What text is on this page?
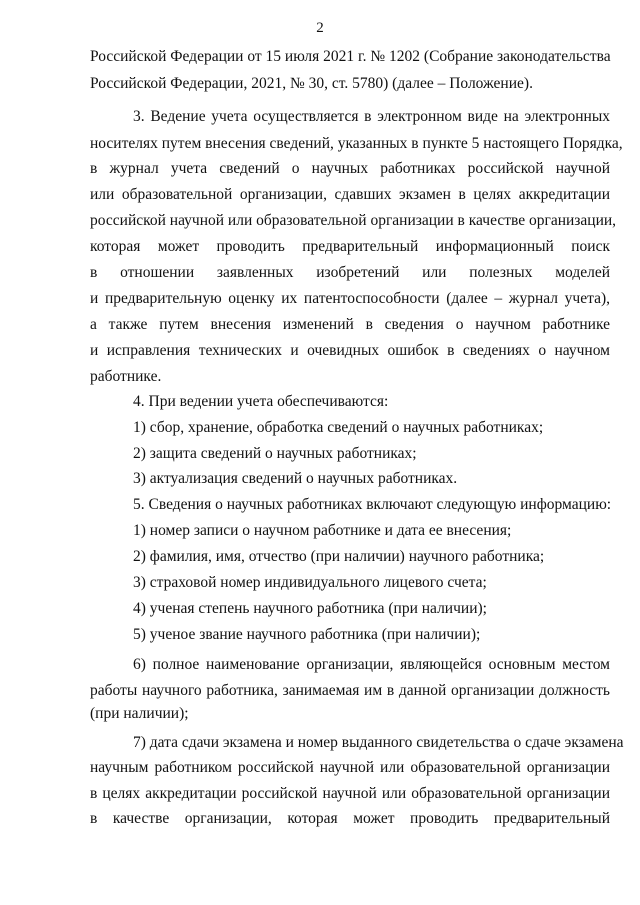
2
Российской Федерации от 15 июля 2021 г. № 1202 (Собрание законодательства
Российской Федерации, 2021, № 30, ст. 5780) (далее – Положение).
3. Ведение учета осуществляется в электронном виде на электронных
носителях путем внесения сведений, указанных в пункте 5 настоящего Порядка,
в журнал учета сведений о научных работниках российской научной
или образовательной организации, сдавших экзамен в целях аккредитации
российской научной или образовательной организации в качестве организации,
которая может проводить предварительный информационный поиск
в отношении заявленных изобретений или полезных моделей
и предварительную оценку их патентоспособности (далее – журнал учета),
а также путем внесения изменений в сведения о научном работнике
и исправления технических и очевидных ошибок в сведениях о научном
работнике.
4. При ведении учета обеспечиваются:
1) сбор, хранение, обработка сведений о научных работниках;
2) защита сведений о научных работниках;
3) актуализация сведений о научных работниках.
5. Сведения о научных работниках включают следующую информацию:
1) номер записи о научном работнике и дата ее внесения;
2) фамилия, имя, отчество (при наличии) научного работника;
3) страховой номер индивидуального лицевого счета;
4) ученая степень научного работника (при наличии);
5) ученое звание научного работника (при наличии);
6) полное наименование организации, являющейся основным местом
работы научного работника, занимаемая им в данной организации должность
(при наличии);
7) дата сдачи экзамена и номер выданного свидетельства о сдаче экзамена
научным работником российской научной или образовательной организации
в целях аккредитации российской научной или образовательной организации
в качестве организации, которая может проводить предварительный
